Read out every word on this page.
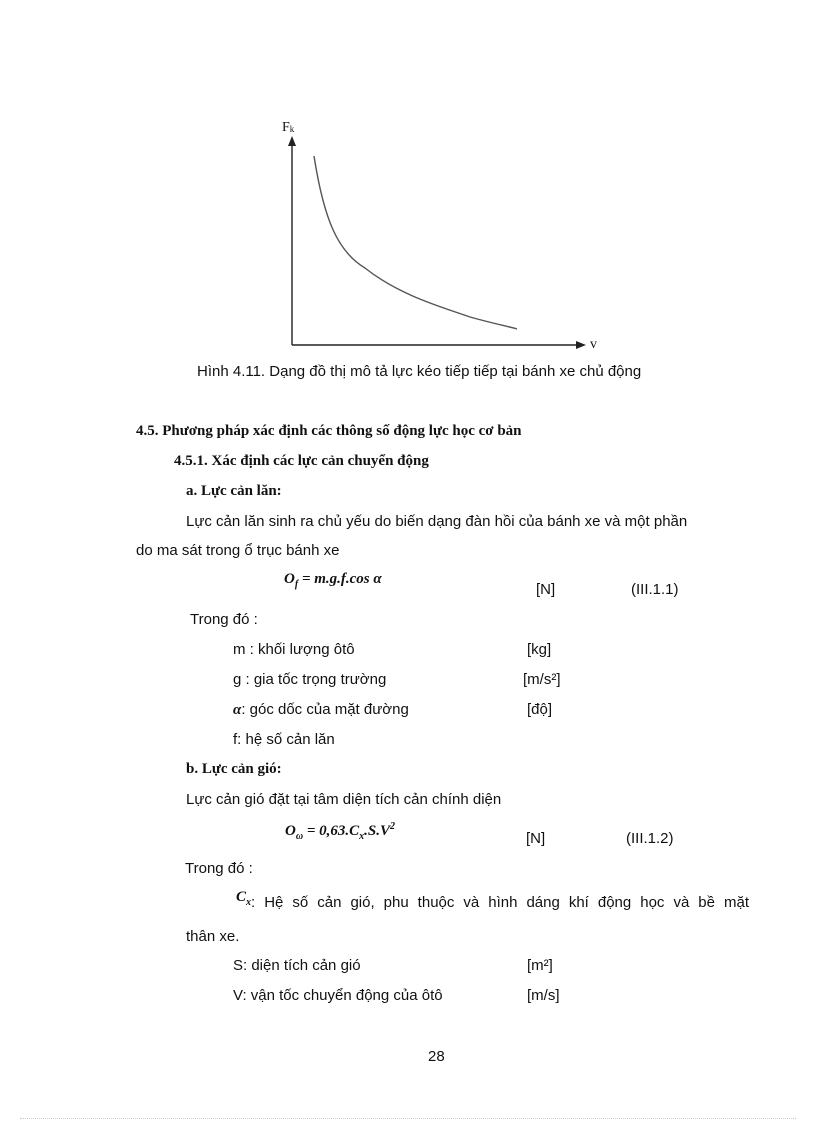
Fk
v
Hình 4.11. Dạng đồ thị mô tả lực kéo tiếp tiếp tại bánh xe chủ động
4.5. Phương pháp xác định các thông số động lực học cơ bản
4.5.1. Xác định các lực cản chuyển động
a. Lực cản lăn:
Lực cản lăn sinh ra chủ yếu do biến dạng đàn hồi của bánh xe và một phần
do ma sát trong ổ trục bánh xe
$O_f = m.g.f.\cos$ α
[N]	(III.1.1)
Trong đó :
m : khối lượng ôtô	[kg]
g : gia tốc trọng trường	[m/s²]
α: góc dốc của mặt đường	[độ]
f: hệ số cản lăn
b. Lực cản gió:
Lực cản gió đặt tại tâm diện tích cản chính diện
$O_\omega = 0,63.C_x.S.V^2$
[N]	(III.1.2)
Trong đó :
$C_x$: Hệ số cản gió, phu thuộc và hình dáng khí động học và bề mặt
thân xe.
S: diện tích cản gió	[m²]
V: vận tốc chuyển động của ôtô	[m/s]
28
